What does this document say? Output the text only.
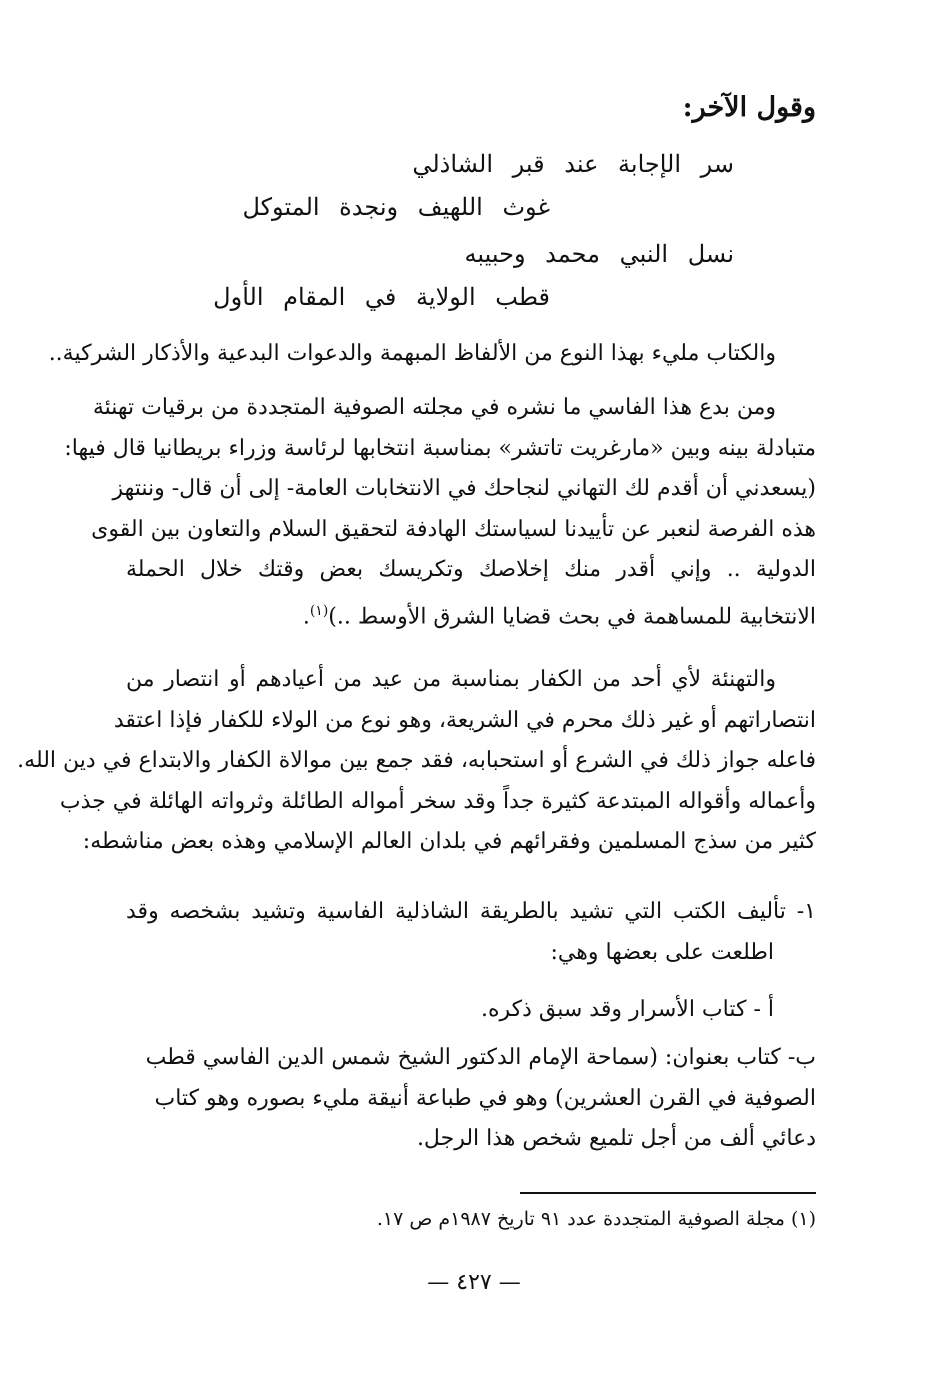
وقول الآخر:
سر الإجابة عند قبر الشاذلي
غوث اللهيف ونجدة المتوكل
نسل النبي محمد وحبيبه
قطب الولاية في المقام الأول
والكتاب مليء بهذا النوع من الألفاظ المبهمة والدعوات البدعية والأذكار الشركية..
ومن بدع هذا الفاسي ما نشره في مجلته الصوفية المتجددة من برقيات تهنئة
متبادلة بينه وبين «مارغريت تاتشر» بمناسبة انتخابها لرئاسة وزراء بريطانيا قال فيها:
(يسعدني أن أقدم لك التهاني لنجاحك في الانتخابات العامة- إلى أن قال- وننتهز
هذه الفرصة لنعبر عن تأييدنا لسياستك الهادفة لتحقيق السلام والتعاون بين القوى
الدولية .. وإني أقدر منك إخلاصك وتكريسك بعض وقتك خلال الحملة
الانتخابية للمساهمة في بحث قضايا الشرق الأوسط ..)$^{(١)}$.
والتهنئة لأي أحد من الكفار بمناسبة من عيد من أعيادهم أو انتصار من
انتصاراتهم أو غير ذلك محرم في الشريعة، وهو نوع من الولاء للكفار فإذا اعتقد
فاعله جواز ذلك في الشرع أو استحبابه، فقد جمع بين موالاة الكفار والابتداع في دين الله.
وأعماله وأقواله المبتدعة كثيرة جداً وقد سخر أمواله الطائلة وثرواته الهائلة في جذب
كثير من سذج المسلمين وفقرائهم في بلدان العالم الإسلامي وهذه بعض مناشطه:
١- تأليف الكتب التي تشيد بالطريقة الشاذلية الفاسية وتشيد بشخصه وقد
اطلعت على بعضها وهي:
أ - كتاب الأسرار وقد سبق ذكره.
ب- كتاب بعنوان: (سماحة الإمام الدكتور الشيخ شمس الدين الفاسي قطب
الصوفية في القرن العشرين) وهو في طباعة أنيقة مليء بصوره وهو كتاب
دعائي ألف من أجل تلميع شخص هذا الرجل.
(١) مجلة الصوفية المتجددة عدد ٩١ تاريخ ١٩٨٧م ص ١٧.
— ٤٢٧ —
